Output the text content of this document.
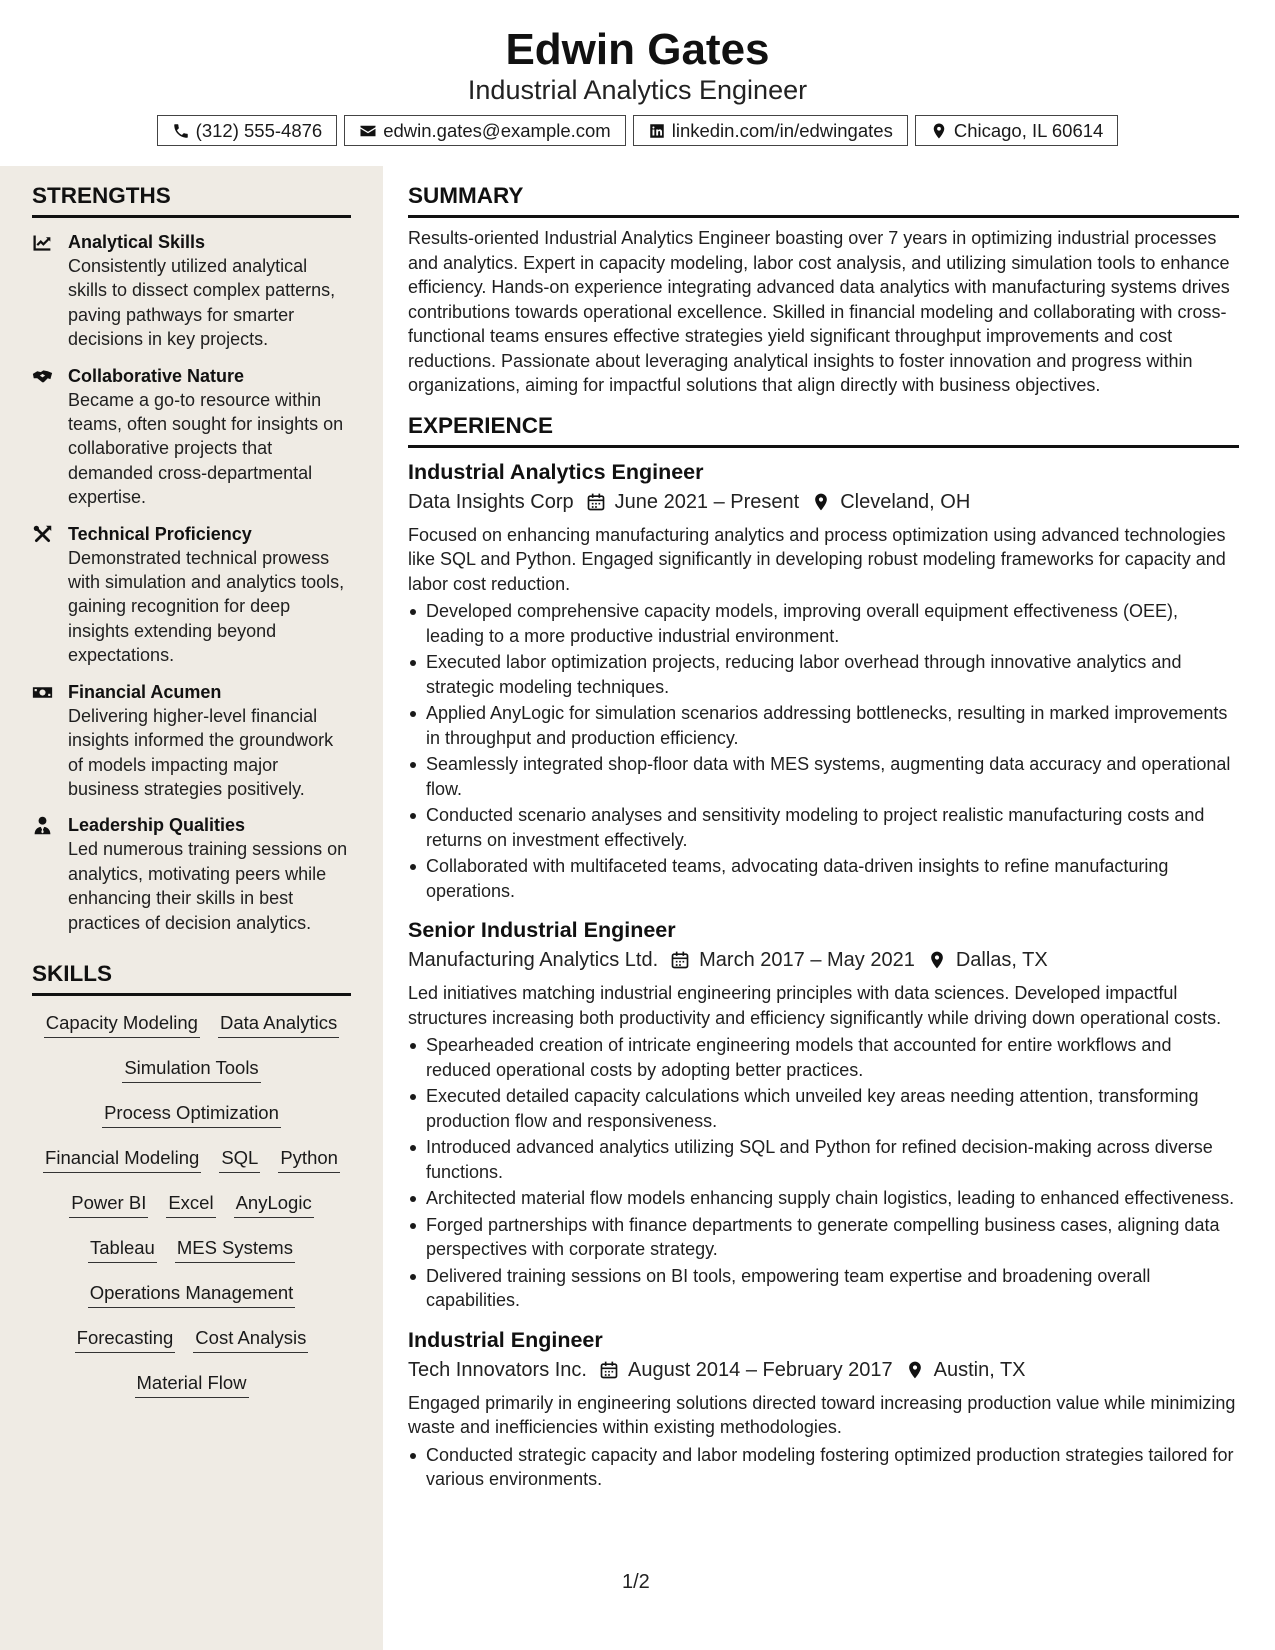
Edwin Gates
Industrial Analytics Engineer
(312) 555-4876	edwin.gates@example.com	linkedin.com/in/edwingates	Chicago, IL 60614
STRENGTHS
Analytical Skills
Consistently utilized analytical skills to dissect complex patterns, paving pathways for smarter decisions in key projects.
Collaborative Nature
Became a go-to resource within teams, often sought for insights on collaborative projects that demanded cross-departmental expertise.
Technical Proficiency
Demonstrated technical prowess with simulation and analytics tools, gaining recognition for deep insights extending beyond expectations.
Financial Acumen
Delivering higher-level financial insights informed the groundwork of models impacting major business strategies positively.
Leadership Qualities
Led numerous training sessions on analytics, motivating peers while enhancing their skills in best practices of decision analytics.
SKILLS
Capacity Modeling Data Analytics
Simulation Tools
Process Optimization
Financial Modeling SQL Python
Power BI Excel AnyLogic
Tableau MES Systems
Operations Management
Forecasting Cost Analysis
Material Flow
SUMMARY
Results-oriented Industrial Analytics Engineer boasting over 7 years in optimizing industrial processes and analytics. Expert in capacity modeling, labor cost analysis, and utilizing simulation tools to enhance efficiency. Hands-on experience integrating advanced data analytics with manufacturing systems drives contributions towards operational excellence. Skilled in financial modeling and collaborating with cross-functional teams ensures effective strategies yield significant throughput improvements and cost reductions. Passionate about leveraging analytical insights to foster innovation and progress within organizations, aiming for impactful solutions that align directly with business objectives.
EXPERIENCE
Industrial Analytics Engineer
Data Insights Corp June 2021 – Present Cleveland, OH
Focused on enhancing manufacturing analytics and process optimization using advanced technologies like SQL and Python. Engaged significantly in developing robust modeling frameworks for capacity and labor cost reduction.
Developed comprehensive capacity models, improving overall equipment effectiveness (OEE), leading to a more productive industrial environment.
Executed labor optimization projects, reducing labor overhead through innovative analytics and strategic modeling techniques.
Applied AnyLogic for simulation scenarios addressing bottlenecks, resulting in marked improvements in throughput and production efficiency.
Seamlessly integrated shop-floor data with MES systems, augmenting data accuracy and operational flow.
Conducted scenario analyses and sensitivity modeling to project realistic manufacturing costs and returns on investment effectively.
Collaborated with multifaceted teams, advocating data-driven insights to refine manufacturing operations.
Senior Industrial Engineer
Manufacturing Analytics Ltd. March 2017 – May 2021 Dallas, TX
Led initiatives matching industrial engineering principles with data sciences. Developed impactful structures increasing both productivity and efficiency significantly while driving down operational costs.
Spearheaded creation of intricate engineering models that accounted for entire workflows and reduced operational costs by adopting better practices.
Executed detailed capacity calculations which unveiled key areas needing attention, transforming production flow and responsiveness.
Introduced advanced analytics utilizing SQL and Python for refined decision-making across diverse functions.
Architected material flow models enhancing supply chain logistics, leading to enhanced effectiveness.
Forged partnerships with finance departments to generate compelling business cases, aligning data perspectives with corporate strategy.
Delivered training sessions on BI tools, empowering team expertise and broadening overall capabilities.
Industrial Engineer
Tech Innovators Inc. August 2014 – February 2017 Austin, TX
Engaged primarily in engineering solutions directed toward increasing production value while minimizing waste and inefficiencies within existing methodologies.
Conducted strategic capacity and labor modeling fostering optimized production strategies tailored for various environments.
1/2
